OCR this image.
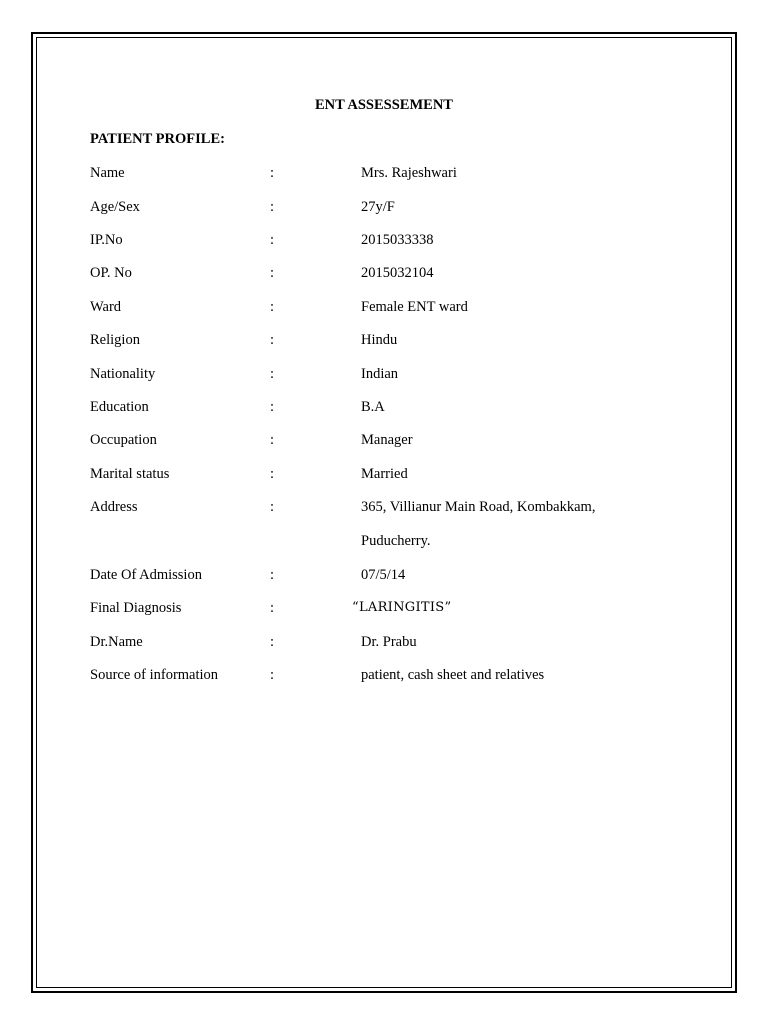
ENT ASSESSEMENT
PATIENT PROFILE:
Name	:	Mrs. Rajeshwari
Age/Sex	:	27y/F
IP.No	:	2015033338
OP. No	:	2015032104
Ward	:	Female ENT ward
Religion	:	Hindu
Nationality	:	Indian
Education	:	B.A
Occupation	:	Manager
Marital status	:	Married
Address	:	365, Villianur Main Road, Kombakkam,
Puducherry.
Date Of Admission	:	07/5/14
Final Diagnosis	:	“LARINGITIS”
Dr.Name	:	Dr. Prabu
Source of information	:	patient, cash sheet and relatives
